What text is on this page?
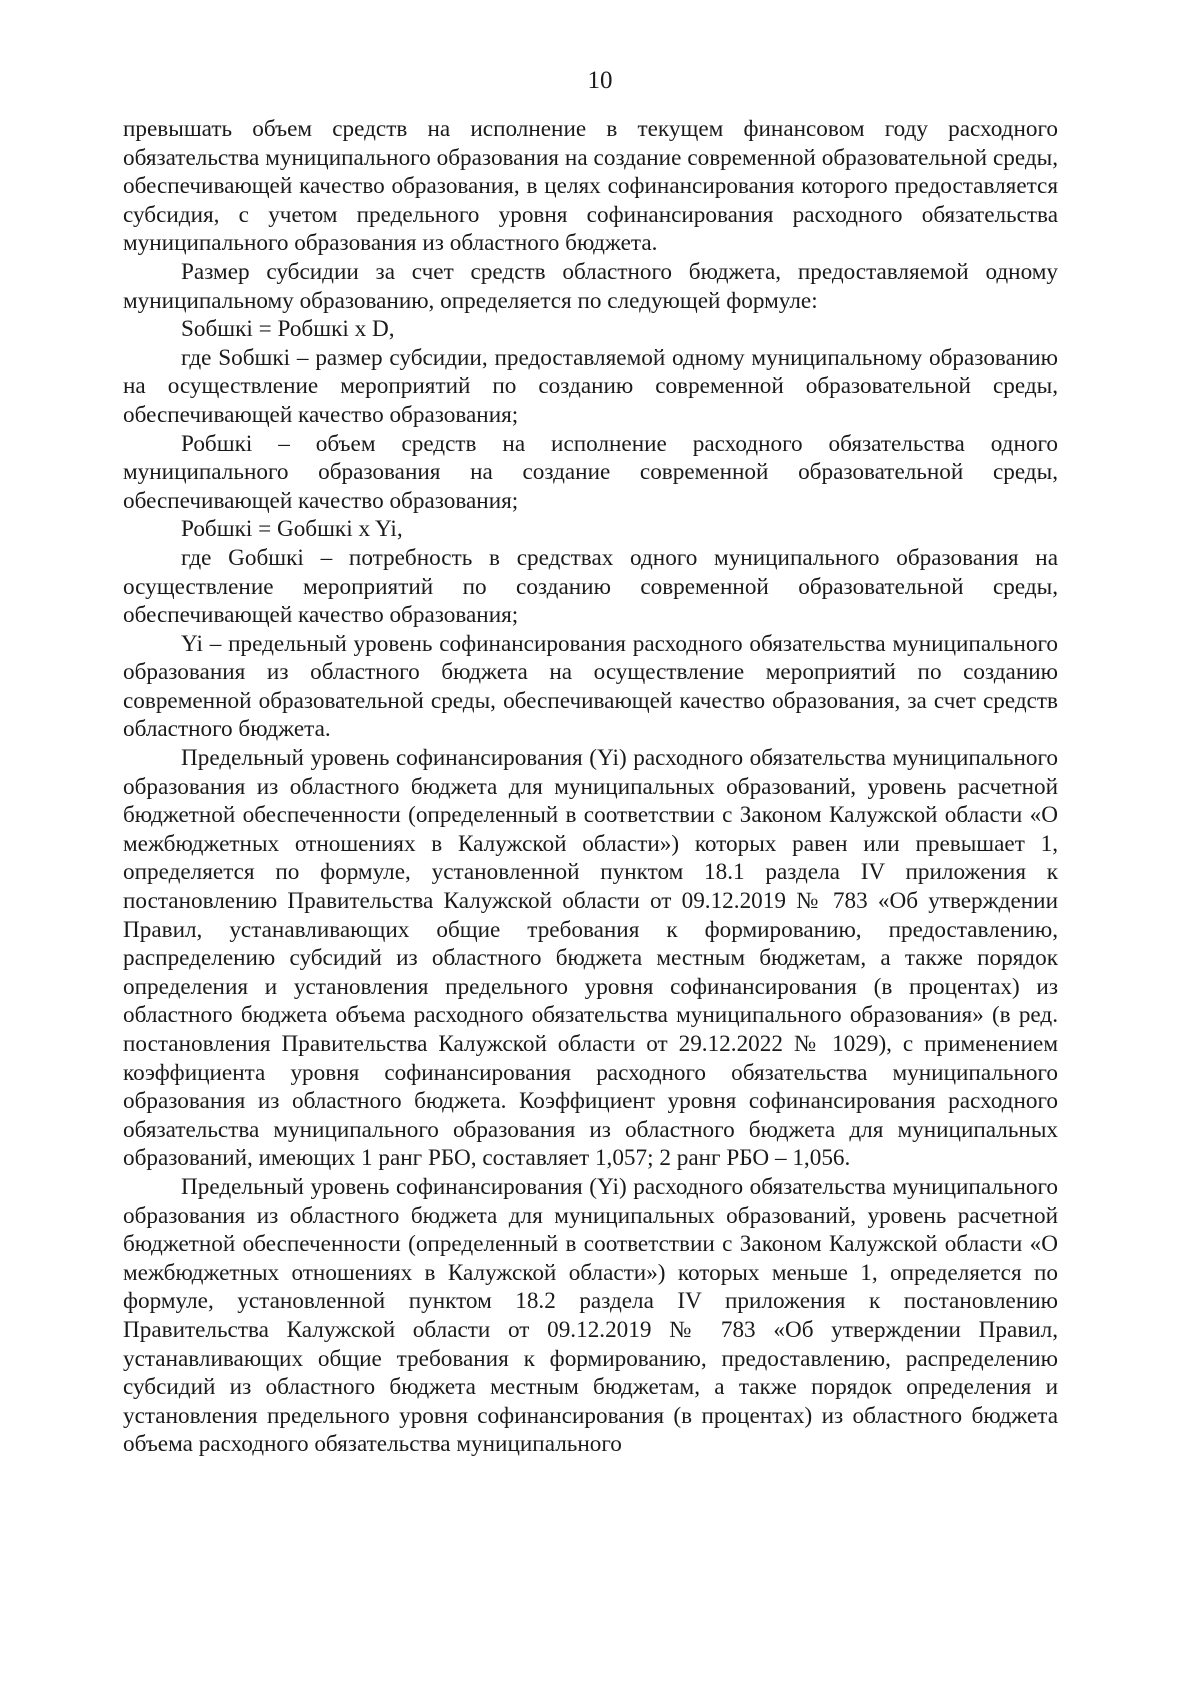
10

превышать объем средств на исполнение в текущем финансовом году расходного обязательства муниципального образования на создание современной образовательной среды, обеспечивающей качество образования, в целях софинансирования которого предоставляется субсидия, с учетом предельного уровня софинансирования расходного обязательства муниципального образования из областного бюджета.

Размер субсидии за счет средств областного бюджета, предоставляемой одному муниципальному образованию, определяется по следующей формуле:

Sобшкi = Робшкi x D,

где Sобшкi – размер субсидии, предоставляемой одному муниципальному образованию на осуществление мероприятий по созданию современной образовательной среды, обеспечивающей качество образования;

Робшкi – объем средств на исполнение расходного обязательства одного муниципального образования на создание современной образовательной среды, обеспечивающей качество образования;

Робшкi = Gобшкi x Yi,

где Gобшкi – потребность в средствах одного муниципального образования на осуществление мероприятий по созданию современной образовательной среды, обеспечивающей качество образования;

Yi – предельный уровень софинансирования расходного обязательства муниципального образования из областного бюджета на осуществление мероприятий по созданию современной образовательной среды, обеспечивающей качество образования, за счет средств областного бюджета.

Предельный уровень софинансирования (Yi) расходного обязательства муниципального образования из областного бюджета для муниципальных образований, уровень расчетной бюджетной обеспеченности (определенный в соответствии с Законом Калужской области «О межбюджетных отношениях в Калужской области») которых равен или превышает 1, определяется по формуле, установленной пунктом 18.1 раздела IV приложения к постановлению Правительства Калужской области от 09.12.2019 № 783 «Об утверждении Правил, устанавливающих общие требования к формированию, предоставлению, распределению субсидий из областного бюджета местным бюджетам, а также порядок определения и установления предельного уровня софинансирования (в процентах) из областного бюджета объема расходного обязательства муниципального образования» (в ред. постановления Правительства Калужской области от 29.12.2022 № 1029), с применением коэффициента уровня софинансирования расходного обязательства муниципального образования из областного бюджета. Коэффициент уровня софинансирования расходного обязательства муниципального образования из областного бюджета для муниципальных образований, имеющих 1 ранг РБО, составляет 1,057; 2 ранг РБО – 1,056.

Предельный уровень софинансирования (Yi) расходного обязательства муниципального образования из областного бюджета для муниципальных образований, уровень расчетной бюджетной обеспеченности (определенный в соответствии с Законом Калужской области «О межбюджетных отношениях в Калужской области») которых меньше 1, определяется по формуле, установленной пунктом 18.2 раздела IV приложения к постановлению Правительства Калужской области от 09.12.2019 № 783 «Об утверждении Правил, устанавливающих общие требования к формированию, предоставлению, распределению субсидий из областного бюджета местным бюджетам, а также порядок определения и установления предельного уровня софинансирования (в процентах) из областного бюджета объема расходного обязательства муниципального
